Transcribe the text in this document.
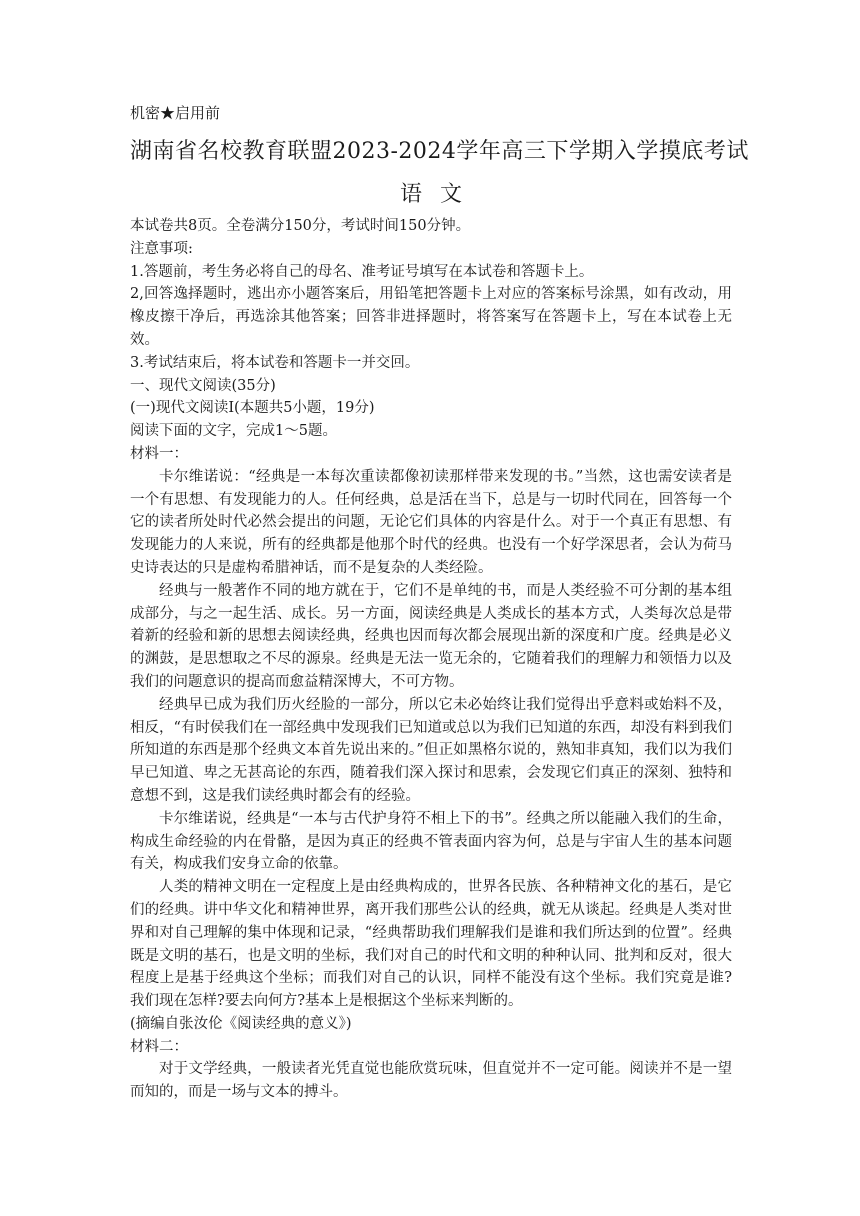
机密★启用前

湖南省名校教育联盟2023-2024学年高三下学期入学摸底考试
语文

本试卷共8页。全卷满分150分，考试时间150分钟。

注意事项:

1.答题前，考生务必将自己的母名、准考证号填写在本试卷和答题卡上。

2,回答逸择题时，逃出亦小题答案后，用铅笔把答题卡上对应的答案标号涂黑，如有改动，用橡皮擦干净后，再选涂其他答案；回答非进择题时，将答案写在答题卡上，写在本试卷上无效。

3.考试结束后，将本试卷和答题卡一并交回。

一、现代文阅读(35分)

(一)现代文阅读I(本题共5小题，19分)

阅读下面的文字，完成1～5题。

材料一：

卡尔维诺说：“经典是一本每次重读都像初读那样带来发现的书。”当然，这也需安读者是一个有思想、有发现能力的人。任何经典，总是活在当下，总是与一切时代同在，回答每一个它的读者所处时代必然会提出的问题，无论它们具体的内容是什么。对于一个真正有思想、有发现能力的人来说，所有的经典都是他那个时代的经典。也没有一个好学深思者，会认为荷马史诗表达的只是虚构希腊神话，而不是复杂的人类经险。

经典与一般著作不同的地方就在于，它们不是单纯的书，而是人类经验不可分割的基本组成部分，与之一起生活、成长。另一方面，阅读经典是人类成长的基本方式，人类每次总是带着新的经验和新的思想去阅读经典，经典也因而每次都会展现出新的深度和广度。经典是必义的渊鼓，是思想取之不尽的源泉。经典是无法一览无余的，它随着我们的理解力和领悟力以及我们的问题意识的提高而愈益精深博大，不可方物。

经典早已成为我们历火经脸的一部分，所以它未必始终让我们觉得出乎意料或始料不及，相反，“有时侯我们在一部经典中发现我们已知道或总以为我们已知道的东西，却没有料到我们所知道的东西是那个经典文本首先说出来的。”但正如黑格尔说的，熟知非真知，我们以为我们早已知道、卑之无甚高论的东西，随着我们深入探讨和思索，会发现它们真正的深刻、独特和意想不到，这是我们读经典时都会有的经验。

卡尔维诺说，经典是“一本与古代护身符不相上下的书”。经典之所以能融入我们的生命，构成生命经验的内在骨骼，是因为真正的经典不管表面内容为何，总是与宇宙人生的基本问题有关，构成我们安身立命的依靠。

人类的精神文明在一定程度上是由经典构成的，世界各民族、各种精神文化的基石，是它们的经典。讲中华文化和精神世界，离开我们那些公认的经典，就无从谈起。经典是人类对世界和对自己理解的集中体现和记录，“经典帮助我们理解我们是谁和我们所达到的位置”。经典既是文明的基石，也是文明的坐标，我们对自己的时代和文明的种种认同、批判和反对，很大程度上是基于经典这个坐标；而我们对自己的认识，同样不能没有这个坐标。我们究竟是谁?我们现在怎样?要去向何方?基本上是根据这个坐标来判断的。

(摘编自张汝伦《阅读经典的意义》)

材料二：

对于文学经典，一般读者光凭直觉也能欣赏玩味，但直觉并不一定可能。阅读并不是一望而知的，而是一场与文本的搏斗。
